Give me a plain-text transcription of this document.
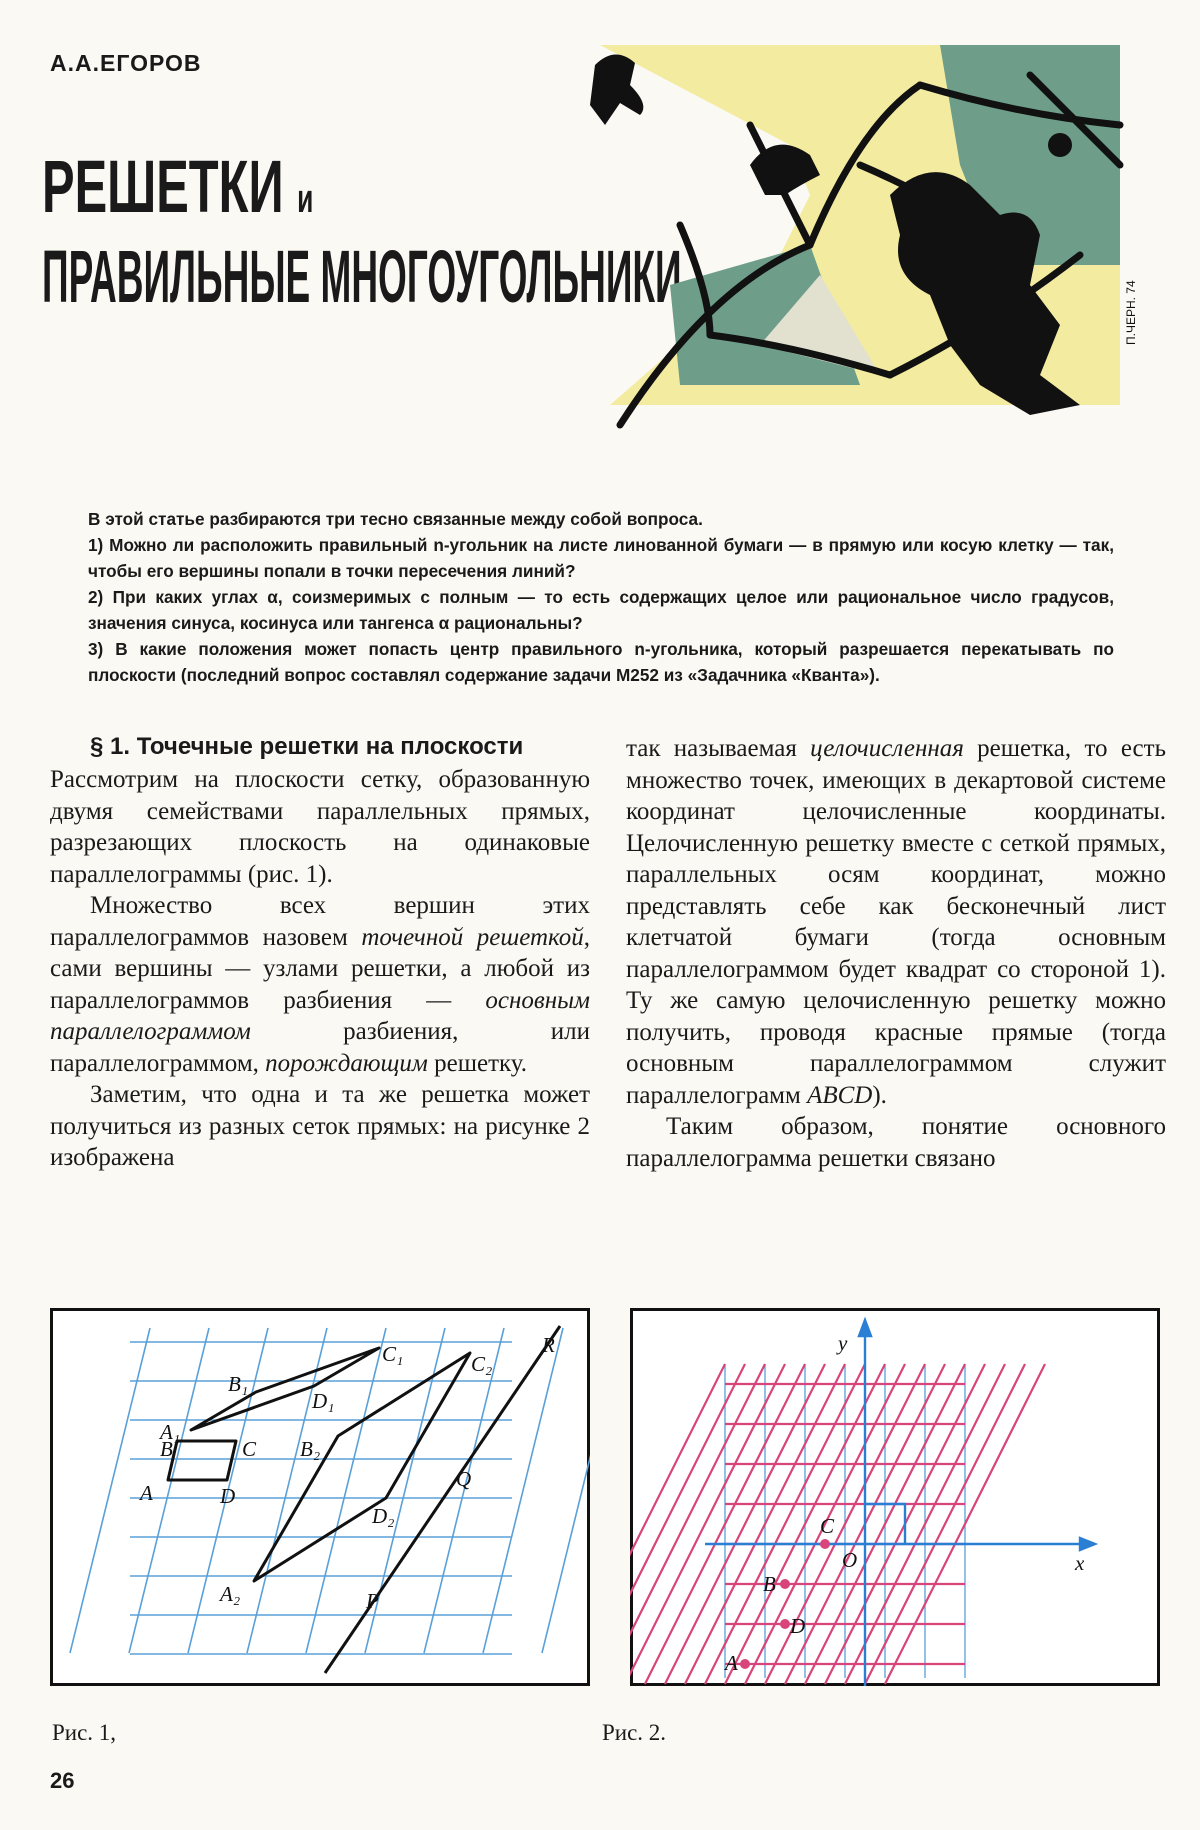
А.А.ЕГОРОВ
РЕШЕТКИ и
ПРАВИЛЬНЫЕ МНОГОУГОЛЬНИКИ	П.ЧЕРН. 74

В этой статье разбираются три тесно связанные между собой вопроса.

1) Можно ли расположить правильный n-угольник на листе линованной бумаги — в прямую или косую клетку — так, чтобы его вершины попали в точки пересечения линий?

2) При каких углах α, соизмеримых с полным — то есть содержащих целое или рациональное число градусов, значения синуса, косинуса или тангенса α рациональны?

3) В какие положения может попасть центр правильного n-угольника, который разрешается перекатывать по плоскости (последний вопрос составлял содержание задачи М252 из «Задачника «Кванта»).

§ 1. Точечные решетки на плоскости

Рассмотрим на плоскости сетку, образованную двумя семействами параллельных прямых, разрезающих плоскость на одинаковые параллелограммы (рис. 1).

Множество всех вершин этих параллелограммов назовем точечной решеткой, сами вершины — узлами решетки, а любой из параллелограммов разбиения — основным параллелограммом разбиения, или параллелограммом, порождающим решетку.

Заметим, что одна и та же решетка может получиться из разных сеток прямых: на рисунке 2 изображена

так называемая целочисленная решетка, то есть множество точек, имеющих в декартовой системе координат целочисленные координаты. Целочисленную решетку вместе с сеткой прямых, параллельных осям координат, можно представлять себе как бесконечный лист клетчатой бумаги (тогда основным параллелограммом будет квадрат со стороной 1). Ту же самую целочисленную решетку можно получить, проводя красные прямые (тогда основным параллелограммом служит параллелограмм ABCD).

Таким образом, понятие основного параллелограмма решетки связано

A₁
B₁
C₁
D₁
B	C
A	D
B₂
C₂
D₂
A₂
R
Q
P
y
x
A
B
C
D
O
Рис. 1,	Рис. 2.
26
